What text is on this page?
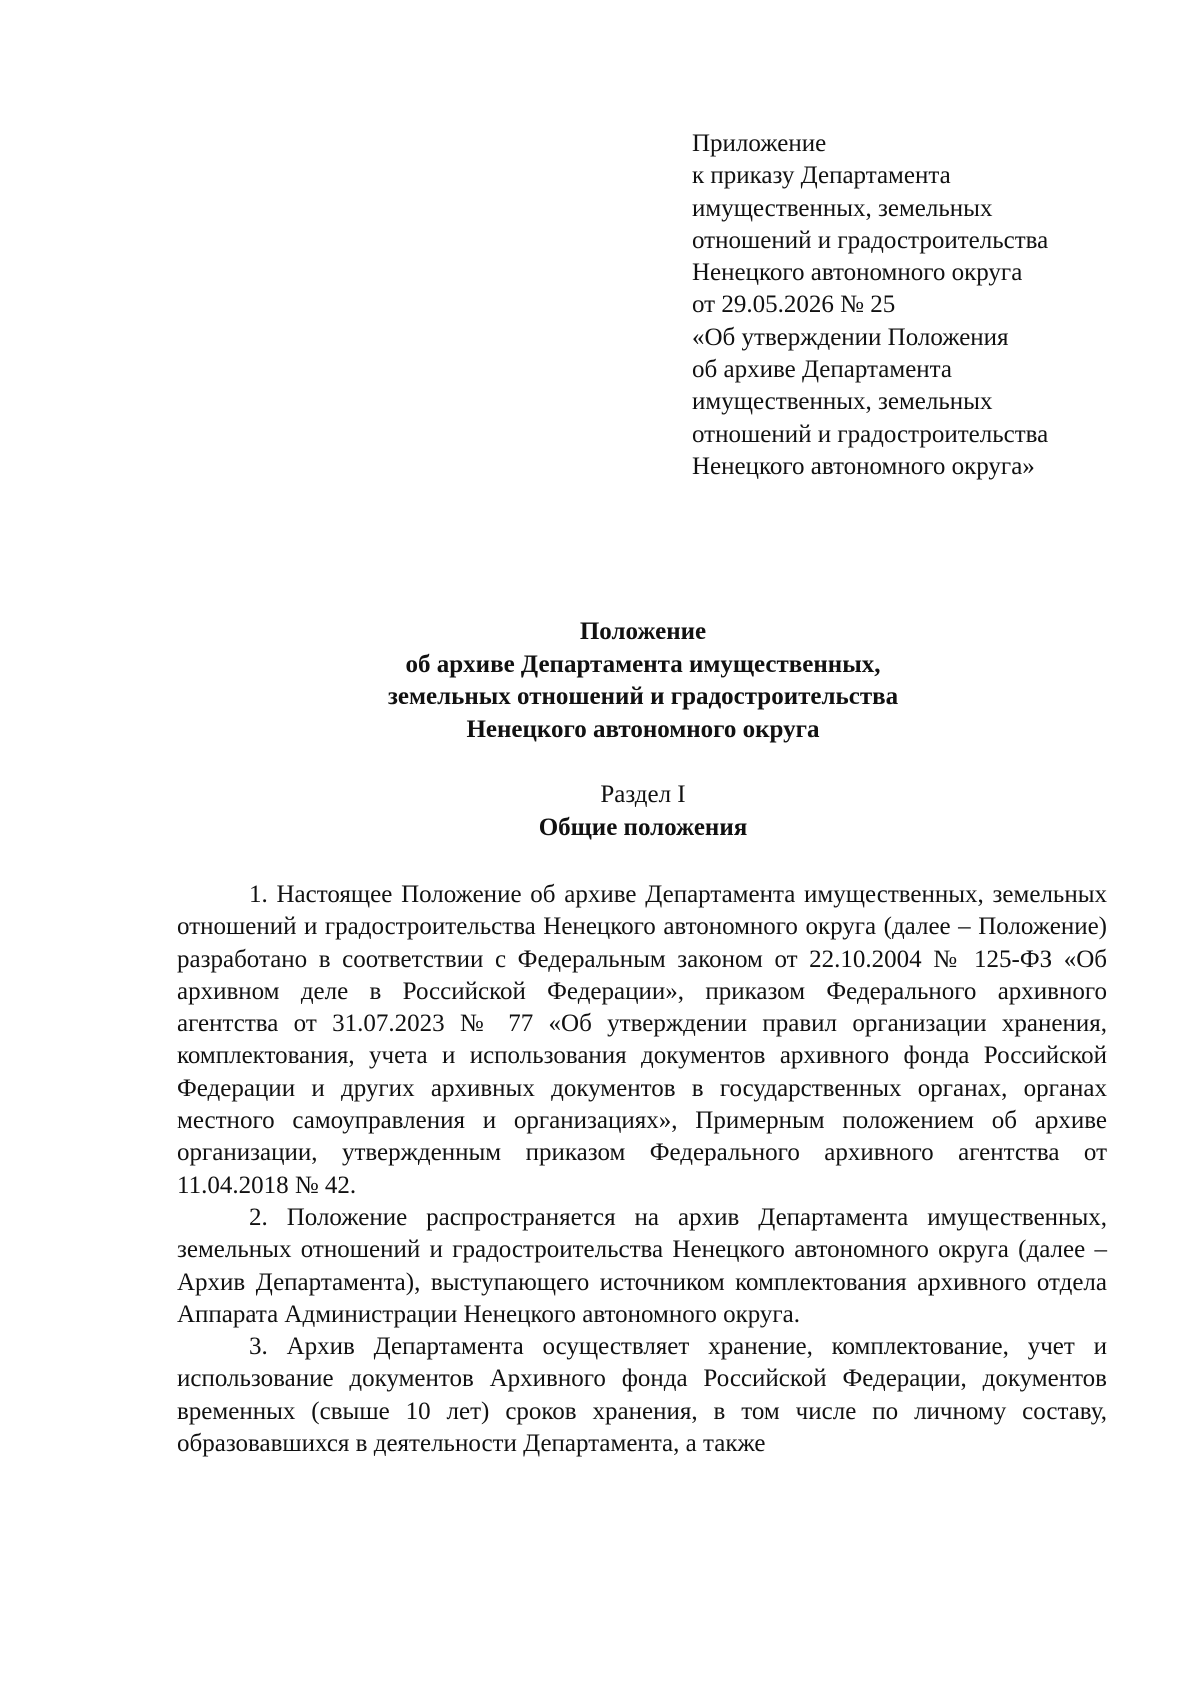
Приложение
к приказу Департамента
имущественных, земельных
отношений и градостроительства
Ненецкого автономного округа
от 29.05.2026 № 25
«Об утверждении Положения
об архиве Департамента
имущественных, земельных
отношений и градостроительства
Ненецкого автономного округа»
Положение
об архиве Департамента имущественных,
земельных отношений и градостроительства
Ненецкого автономного округа
Раздел I
Общие положения

1. Настоящее Положение об архиве Департамента имущественных, земельных отношений и градостроительства Ненецкого автономного округа (далее – Положение) разработано в соответствии с Федеральным законом от 22.10.2004 № 125-ФЗ «Об архивном деле в Российской Федерации», приказом Федерального архивного агентства от 31.07.2023 № 77 «Об утверждении правил организации хранения, комплектования, учета и использования документов архивного фонда Российской Федерации и других архивных документов в государственных органах, органах местного самоуправления и организациях», Примерным положением об архиве организации, утвержденным приказом Федерального архивного агентства от 11.04.2018 № 42.

2. Положение распространяется на архив Департамента имущественных, земельных отношений и градостроительства Ненецкого автономного округа (далее – Архив Департамента), выступающего источником комплектования архивного отдела Аппарата Администрации Ненецкого автономного округа.

3. Архив Департамента осуществляет хранение, комплектование, учет и использование документов Архивного фонда Российской Федерации, документов временных (свыше 10 лет) сроков хранения, в том числе по личному составу, образовавшихся в деятельности Департамента, а также
